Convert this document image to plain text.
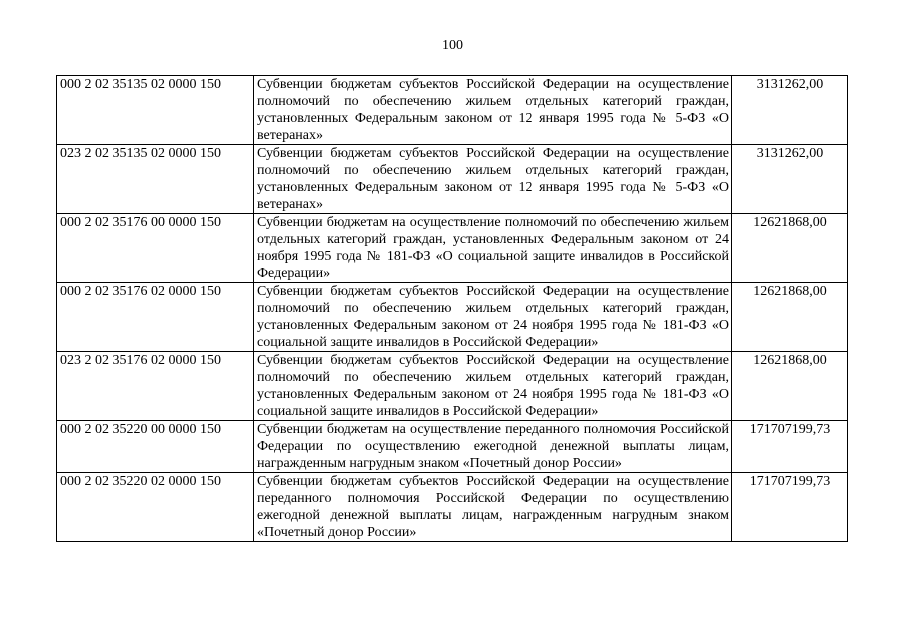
100
000 2 02 35135 02 0000 150	Субвенции бюджетам субъектов Российской Федерации на осуществление полномочий по обеспечению жильем отдельных категорий граждан, установленных Федеральным законом от 12 января 1995 года № 5-ФЗ «О ветеранах»	3131262,00
023 2 02 35135 02 0000 150	Субвенции бюджетам субъектов Российской Федерации на осуществление полномочий по обеспечению жильем отдельных категорий граждан, установленных Федеральным законом от 12 января 1995 года № 5-ФЗ «О ветеранах»	3131262,00
000 2 02 35176 00 0000 150	Субвенции бюджетам на осуществление полномочий по обеспечению жильем отдельных категорий граждан, установленных Федеральным законом от 24 ноября 1995 года № 181-ФЗ «О социальной защите инвалидов в Российской Федерации»	12621868,00
000 2 02 35176 02 0000 150	Субвенции бюджетам субъектов Российской Федерации на осуществление полномочий по обеспечению жильем отдельных категорий граждан, установленных Федеральным законом от 24 ноября 1995 года № 181-ФЗ «О социальной защите инвалидов в Российской Федерации»	12621868,00
023 2 02 35176 02 0000 150	Субвенции бюджетам субъектов Российской Федерации на осуществление полномочий по обеспечению жильем отдельных категорий граждан, установленных Федеральным законом от 24 ноября 1995 года № 181-ФЗ «О социальной защите инвалидов в Российской Федерации»	12621868,00
000 2 02 35220 00 0000 150	Субвенции бюджетам на осуществление переданного полномочия Российской Федерации по осуществлению ежегодной денежной выплаты лицам, награжденным нагрудным знаком «Почетный донор России»	171707199,73
000 2 02 35220 02 0000 150	Субвенции бюджетам субъектов Российской Федерации на осуществление переданного полномочия Российской Федерации по осуществлению ежегодной денежной выплаты лицам, награжденным нагрудным знаком «Почетный донор России»	171707199,73
